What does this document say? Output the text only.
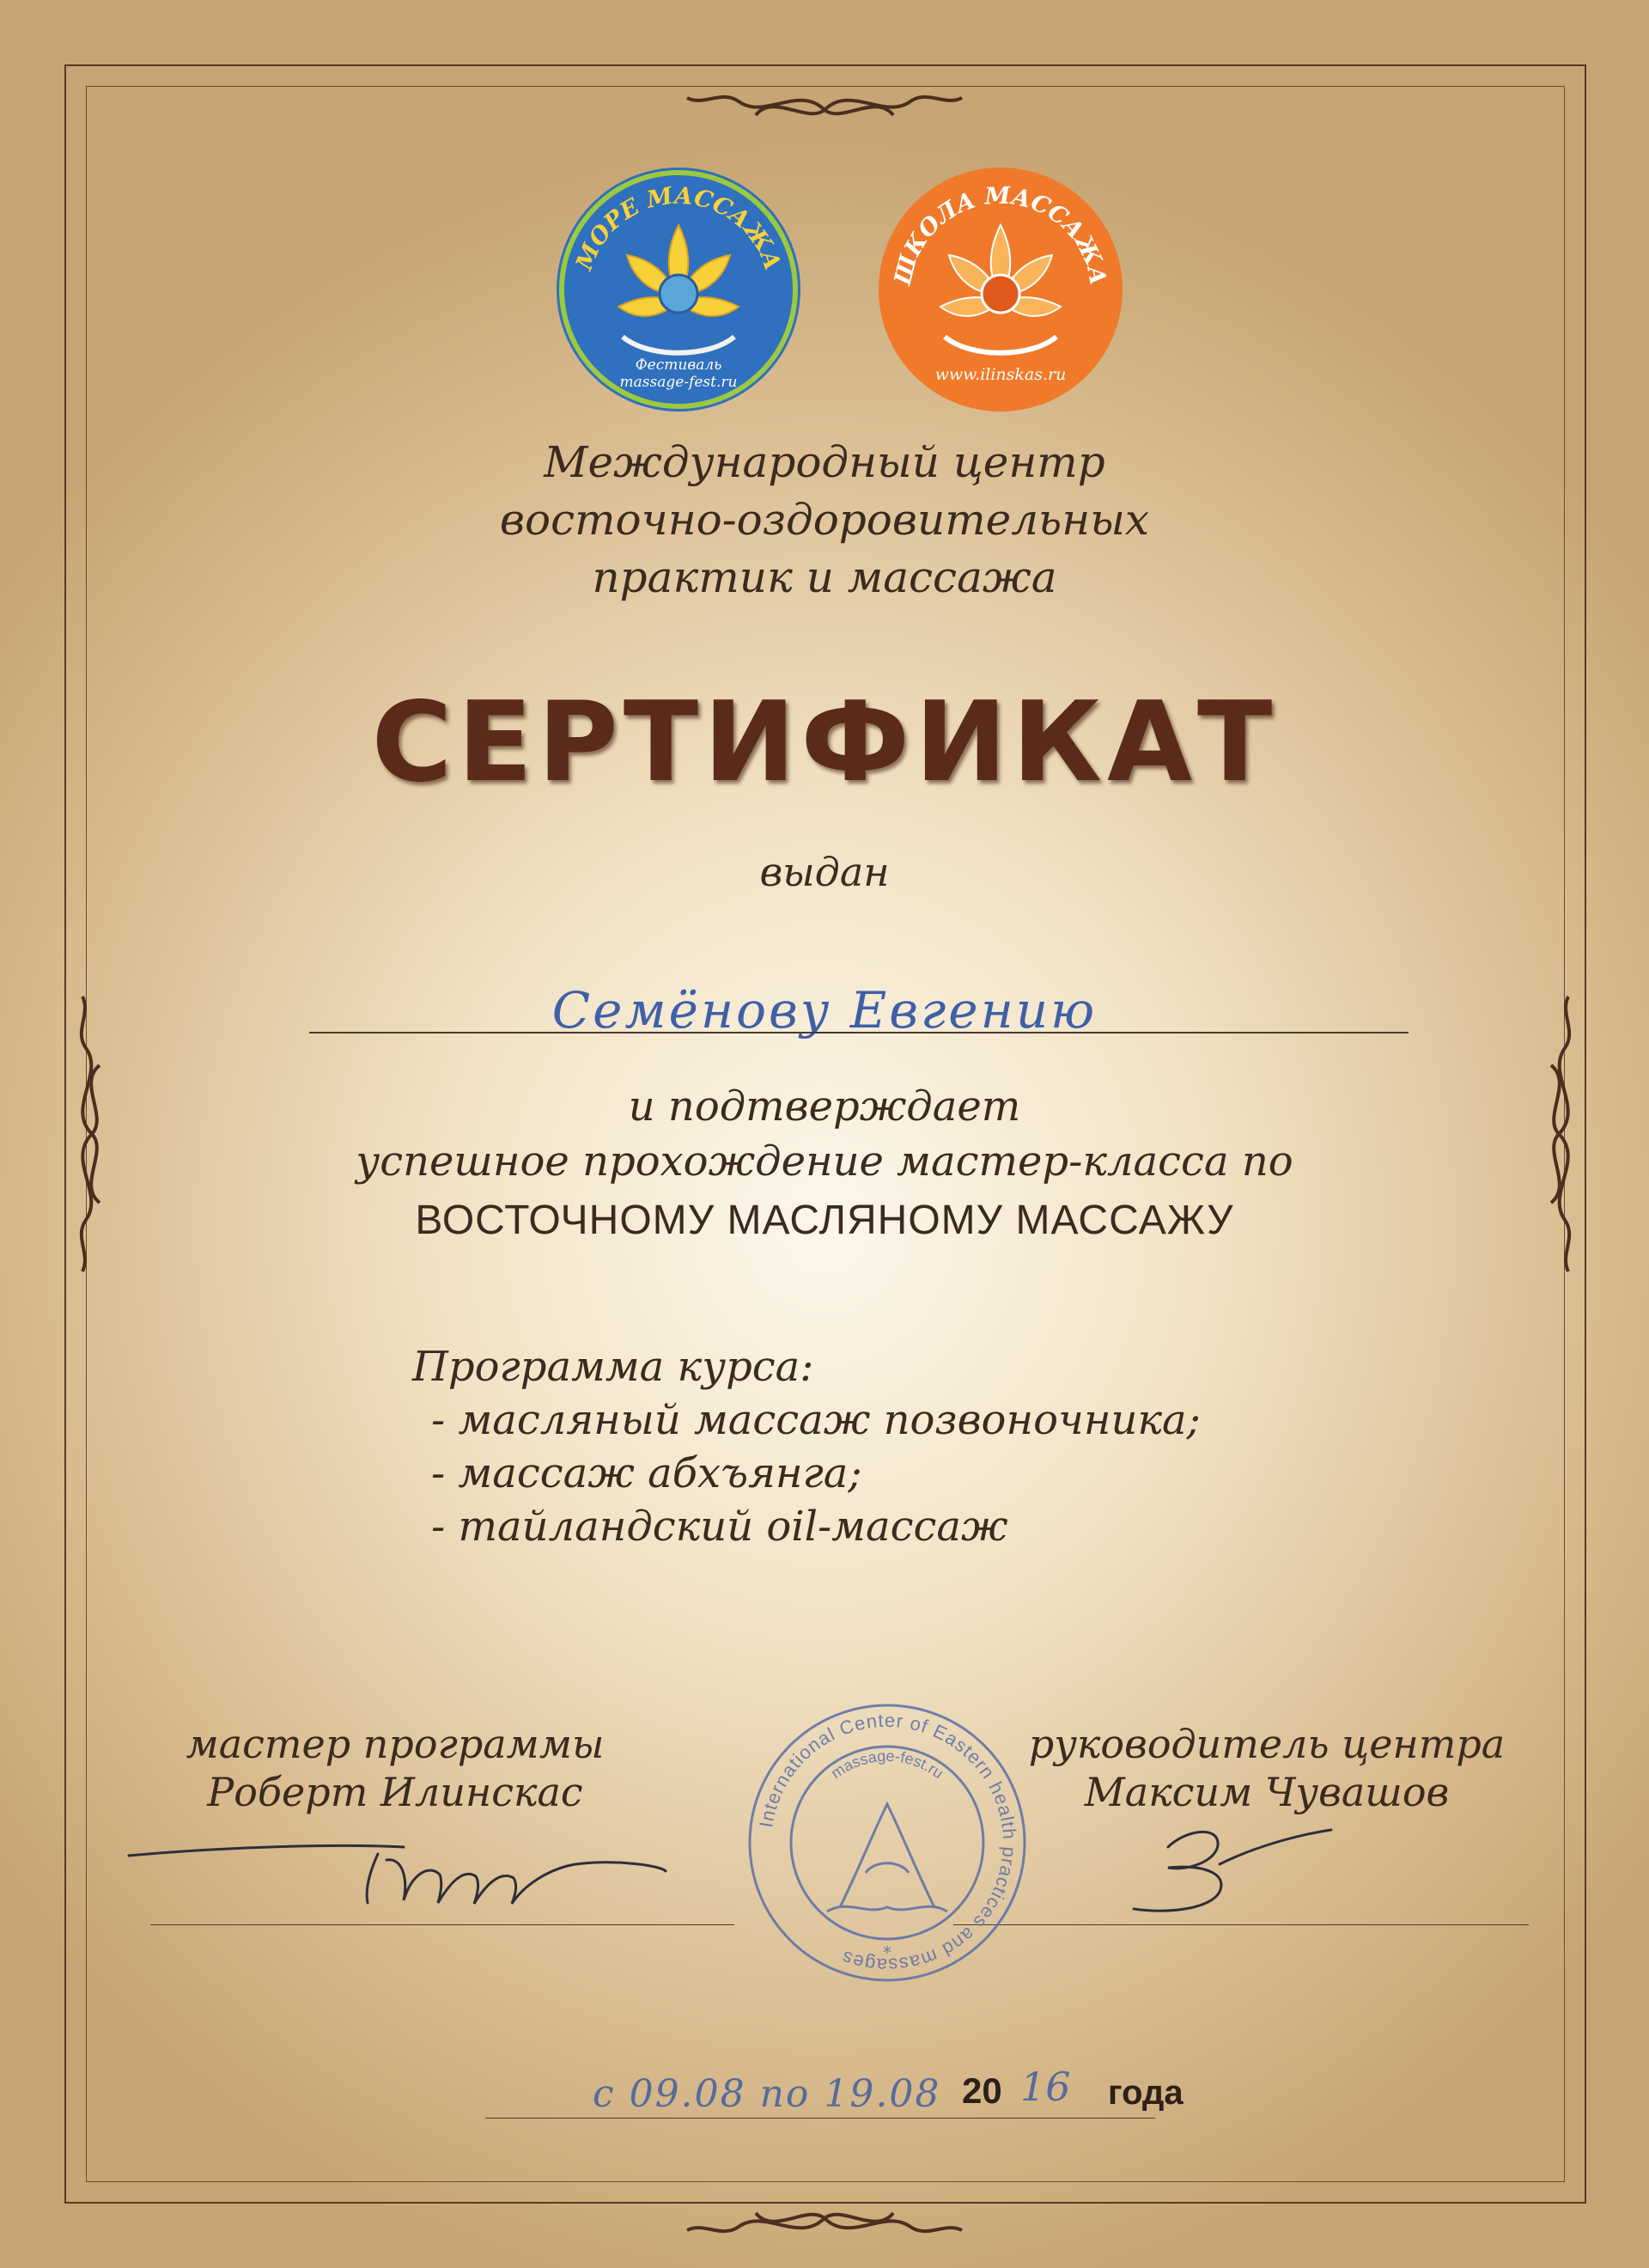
МОРЕ МАССАЖА
Фестиваль
massage-fest.ru
ШКОЛА МАССАЖА
www.ilinskas.ru
Международный центр
восточно-оздоровительных
практик и массажа
СЕРТИФИКАТ
выдан
Семёнову Евгению
и подтверждает
успешное прохождение мастер-класса по
ВОСТОЧНОМУ МАСЛЯНОМУ МАССАЖУ
Программа курса:
- масляный массаж позвоночника;
- массаж абхъянга;
- тайландский oil-массаж
мастер программы
Роберт Илинскас
руководитель центра
Максим Чувашов
International Center of Eastern health practices and massages
massage-fest.ru
*
с 09.08 по 19.08 20 16 года
